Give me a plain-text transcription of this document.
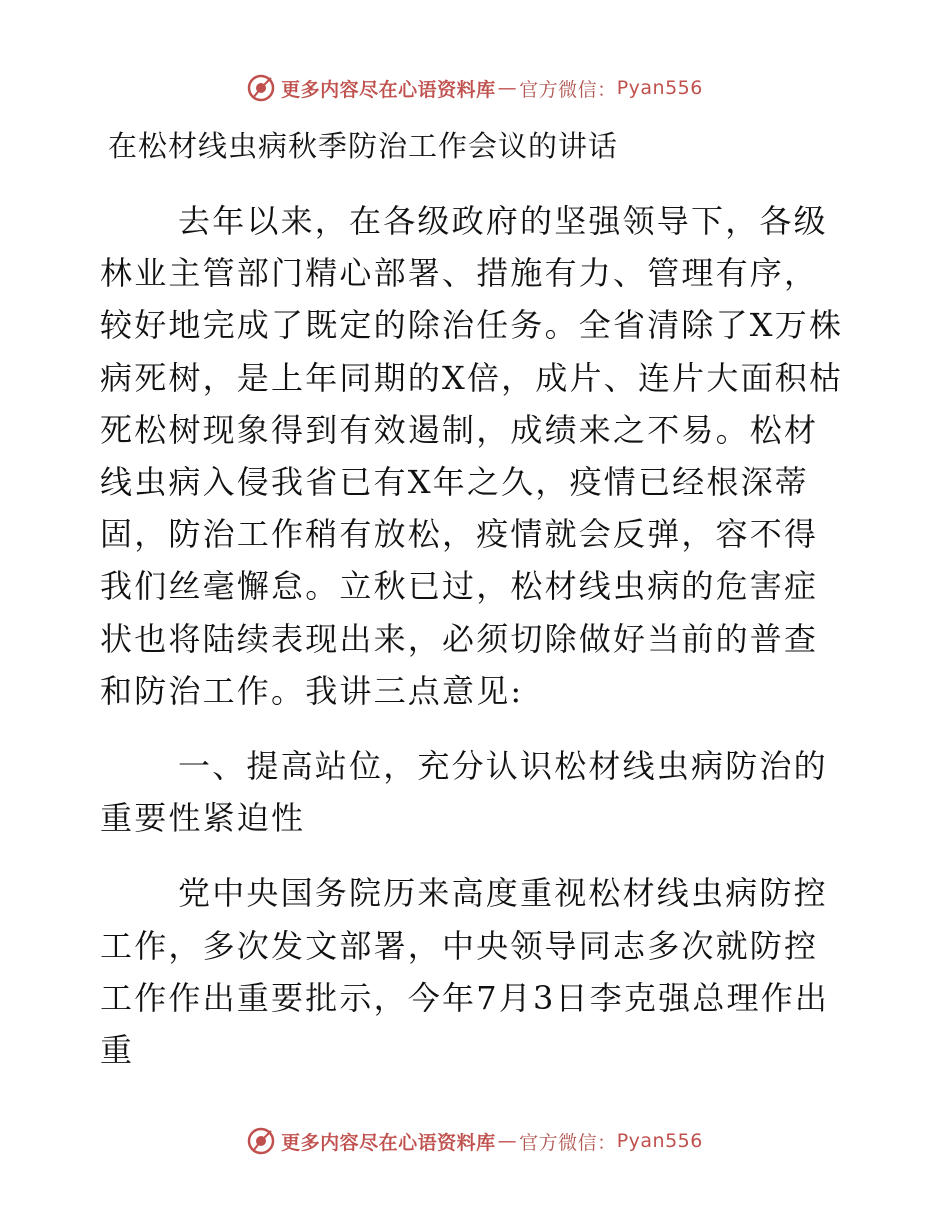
更多内容尽在心语资料库 — 官方微信： Pyan556
在松材线虫病秋季防治工作会议的讲话

去年以来，在各级政府的坚强领导下，各级林业主管部门精心部署、措施有力、管理有序，较好地完成了既定的除治任务。全省清除了X万株病死树，是上年同期的X倍，成片、连片大面积枯死松树现象得到有效遏制，成绩来之不易。松材线虫病入侵我省已有X年之久，疫情已经根深蒂固，防治工作稍有放松，疫情就会反弹，容不得我们丝毫懈怠。立秋已过，松材线虫病的危害症状也将陆续表现出来，必须切除做好当前的普查和防治工作。我讲三点意见:

一、提高站位，充分认识松材线虫病防治的重要性紧迫性

党中央国务院历来高度重视松材线虫病防控工作，多次发文部署，中央领导同志多次就防控工作作出重要批示，今年7月3日李克强总理作出重

更多内容尽在心语资料库 — 官方微信： Pyan556
